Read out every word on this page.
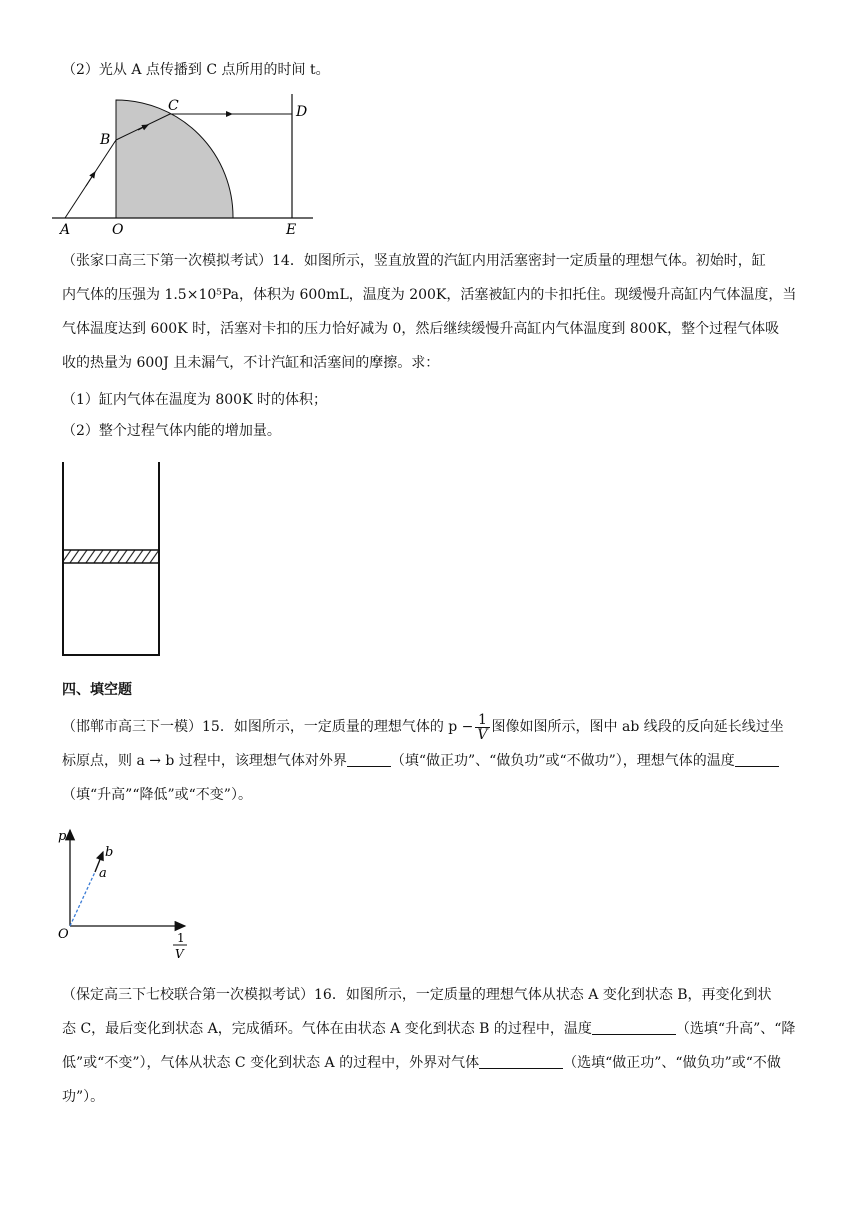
（2）光从 A 点传播到 C 点所用的时间 t。
A	O	E
B
C	D
（张家口高三下第一次模拟考试）14．如图所示，竖直放置的汽缸内用活塞密封一定质量的理想气体。初始时，缸
内气体的压强为 1.5×10⁵Pa，体积为 600mL，温度为 200K，活塞被缸内的卡扣托住。现缓慢升高缸内气体温度，当
气体温度达到 600K 时，活塞对卡扣的压力恰好减为 0，然后继续缓慢升高缸内气体温度到 800K，整个过程气体吸
收的热量为 600J 且未漏气，不计汽缸和活塞间的摩擦。求：
（1）缸内气体在温度为 800K 时的体积；
（2）整个过程气体内能的增加量。
四、填空题
（邯郸市高三下一模）15．如图所示，一定质量的理想气体的 $p - \frac{1}{V}$ 图像如图所示，图中 ab 线段的反向延长线过坐
标原点，则 a → b 过程中，该理想气体对外界	（填“做正功”、“做负功”或“不做功”），理想气体的温度
（填“升高”“降低”或“不变”）。
p
a
b
O	1
V
（保定高三下七校联合第一次模拟考试）16．如图所示，一定质量的理想气体从状态 A 变化到状态 B，再变化到状
态 C，最后变化到状态 A，完成循环。气体在由状态 A 变化到状态 B 的过程中，温度	（选填“升高”、“降
低”或“不变”），气体从状态 C 变化到状态 A 的过程中，外界对气体	（选填“做正功”、“做负功”或“不做
功”）。
